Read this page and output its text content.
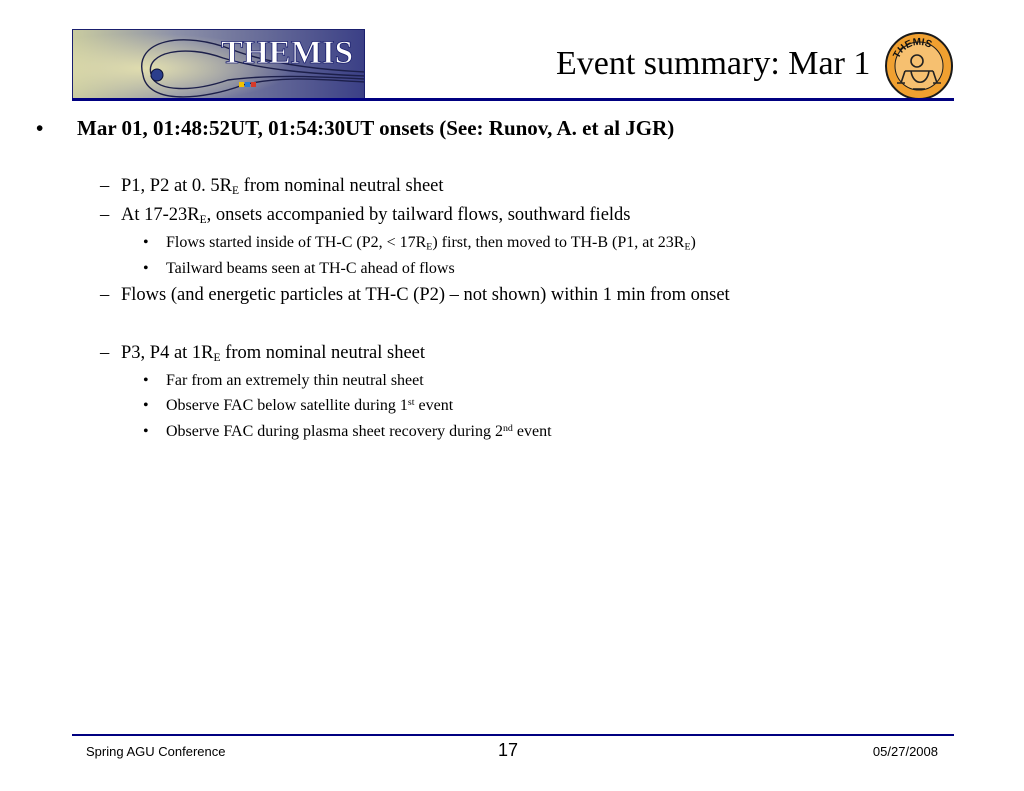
THEMIS	Event summary: Mar 1 THEMIS
• Mar 01, 01:48:52UT, 01:54:30UT onsets (See: Runov, A. et al JGR)
– P1, P2 at 0. $5R_E$ from nominal neutral sheet
– At $17-23R_E$, onsets accompanied by tailward flows, southward fields
• Flows started inside of TH-C (P2, < $17R_E$) first, then moved to TH-B (P1, at $23R_E$)
• Tailward beams seen at TH-C ahead of flows
– Flows (and energetic particles at TH-C (P2) – not shown) within 1 min from onset
– P3, P4 at $1R_E$ from nominal neutral sheet
• Far from an extremely thin neutral sheet
• Observe FAC below satellite during 1st event
• Observe FAC during plasma sheet recovery during 2nd event
Spring AGU Conference	17	05/27/2008
